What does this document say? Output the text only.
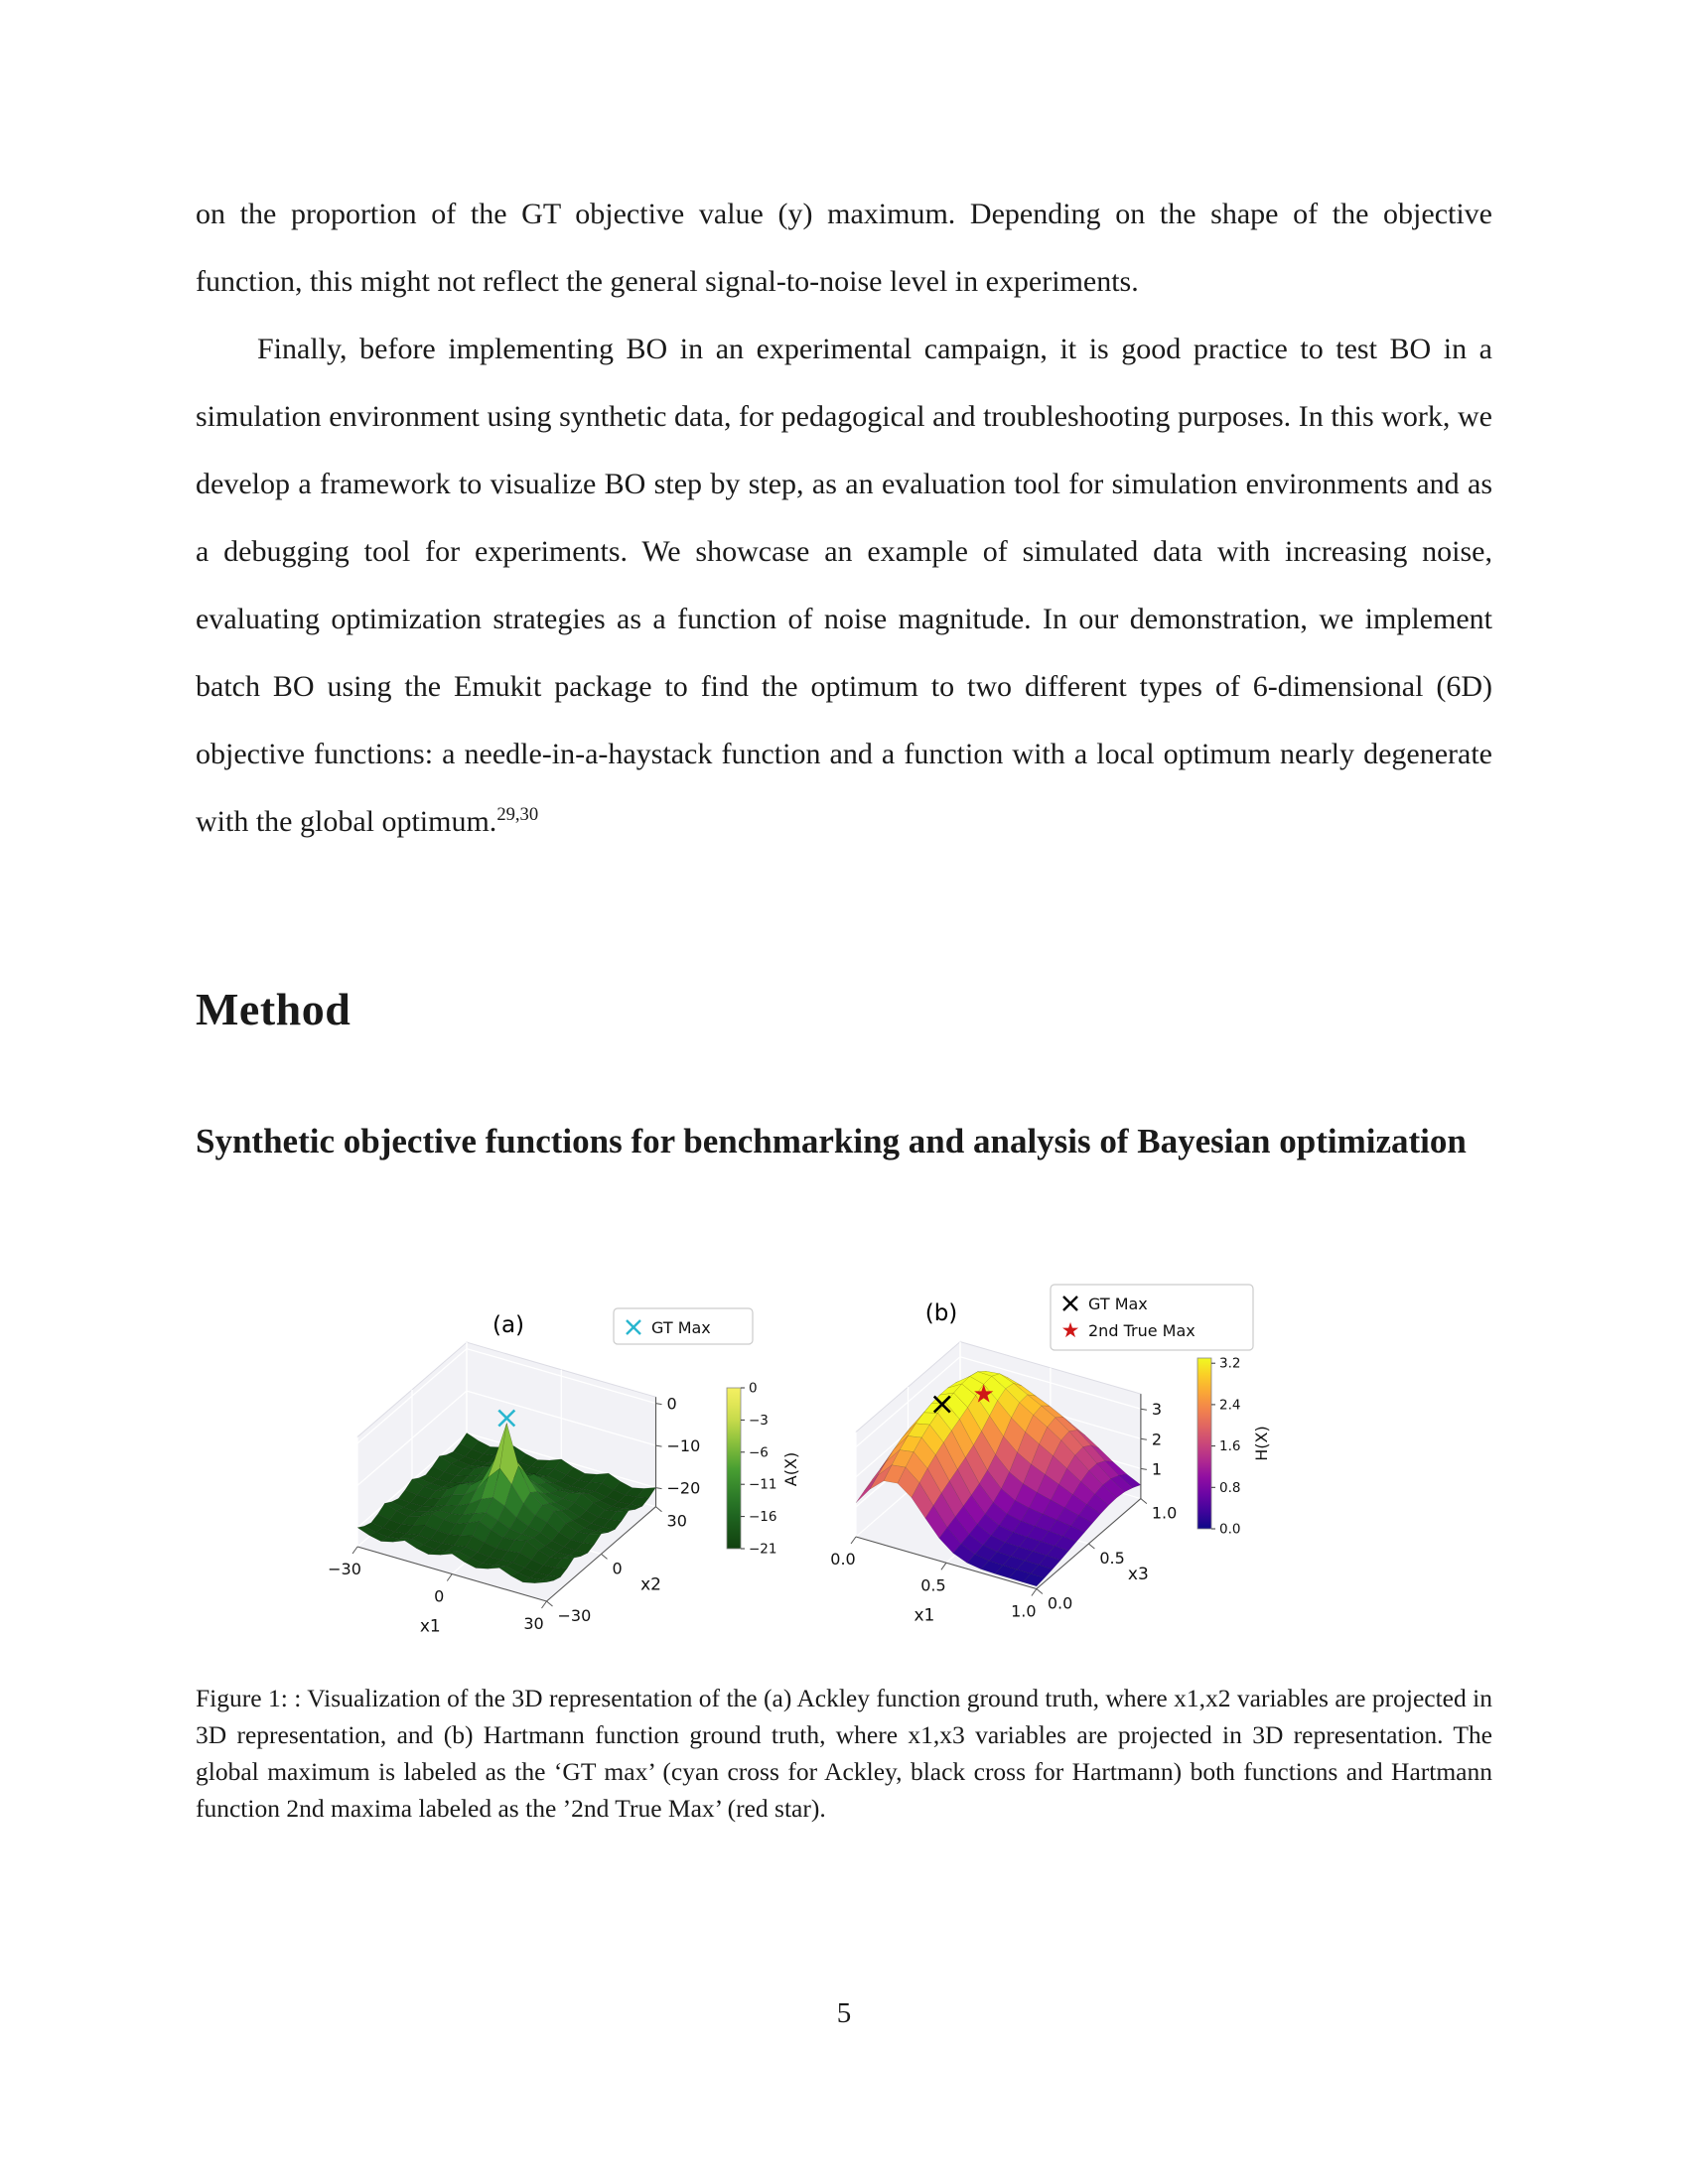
on the proportion of the GT objective value (y) maximum. Depending on the shape of the objective function, this might not reflect the general signal-to-noise level in experiments.

Finally, before implementing BO in an experimental campaign, it is good practice to test BO in a simulation environment using synthetic data, for pedagogical and troubleshooting purposes. In this work, we develop a framework to visualize BO step by step, as an evaluation tool for simulation environments and as a debugging tool for experiments. We showcase an example of simulated data with increasing noise, evaluating optimization strategies as a function of noise magnitude. In our demonstration, we implement batch BO using the Emukit package to find the optimum to two different types of 6-dimensional (6D) objective functions: a needle-in-a-haystack function and a function with a local optimum nearly degenerate with the global optimum.$^{29,30}$

Method
Synthetic objective functions for benchmarking and analysis of Bayesian optimization
−30
0
30 −30
0
30
0
−10
−20
x1
x2
(a)	GT Max
0
−3
−6
−11
−16
−21
A(X)
0.0
0.5
1.0 0.0
0.5
1.0
1
2
3
x1
x3
★
(b)	GT Max
★ 2nd True Max
3.2
2.4
1.6
0.8
0.0
H(X)
Figure 1: : Visualization of the 3D representation of the (a) Ackley function ground truth, where x1,x2 variables are projected in 3D representation, and (b) Hartmann function ground truth, where x1,x3 variables are projected in 3D representation. The global maximum is labeled as the ‘GT max’ (cyan cross for Ackley, black cross for Hartmann) both functions and Hartmann function 2nd maxima labeled as the ’2nd True Max’ (red star).
5
